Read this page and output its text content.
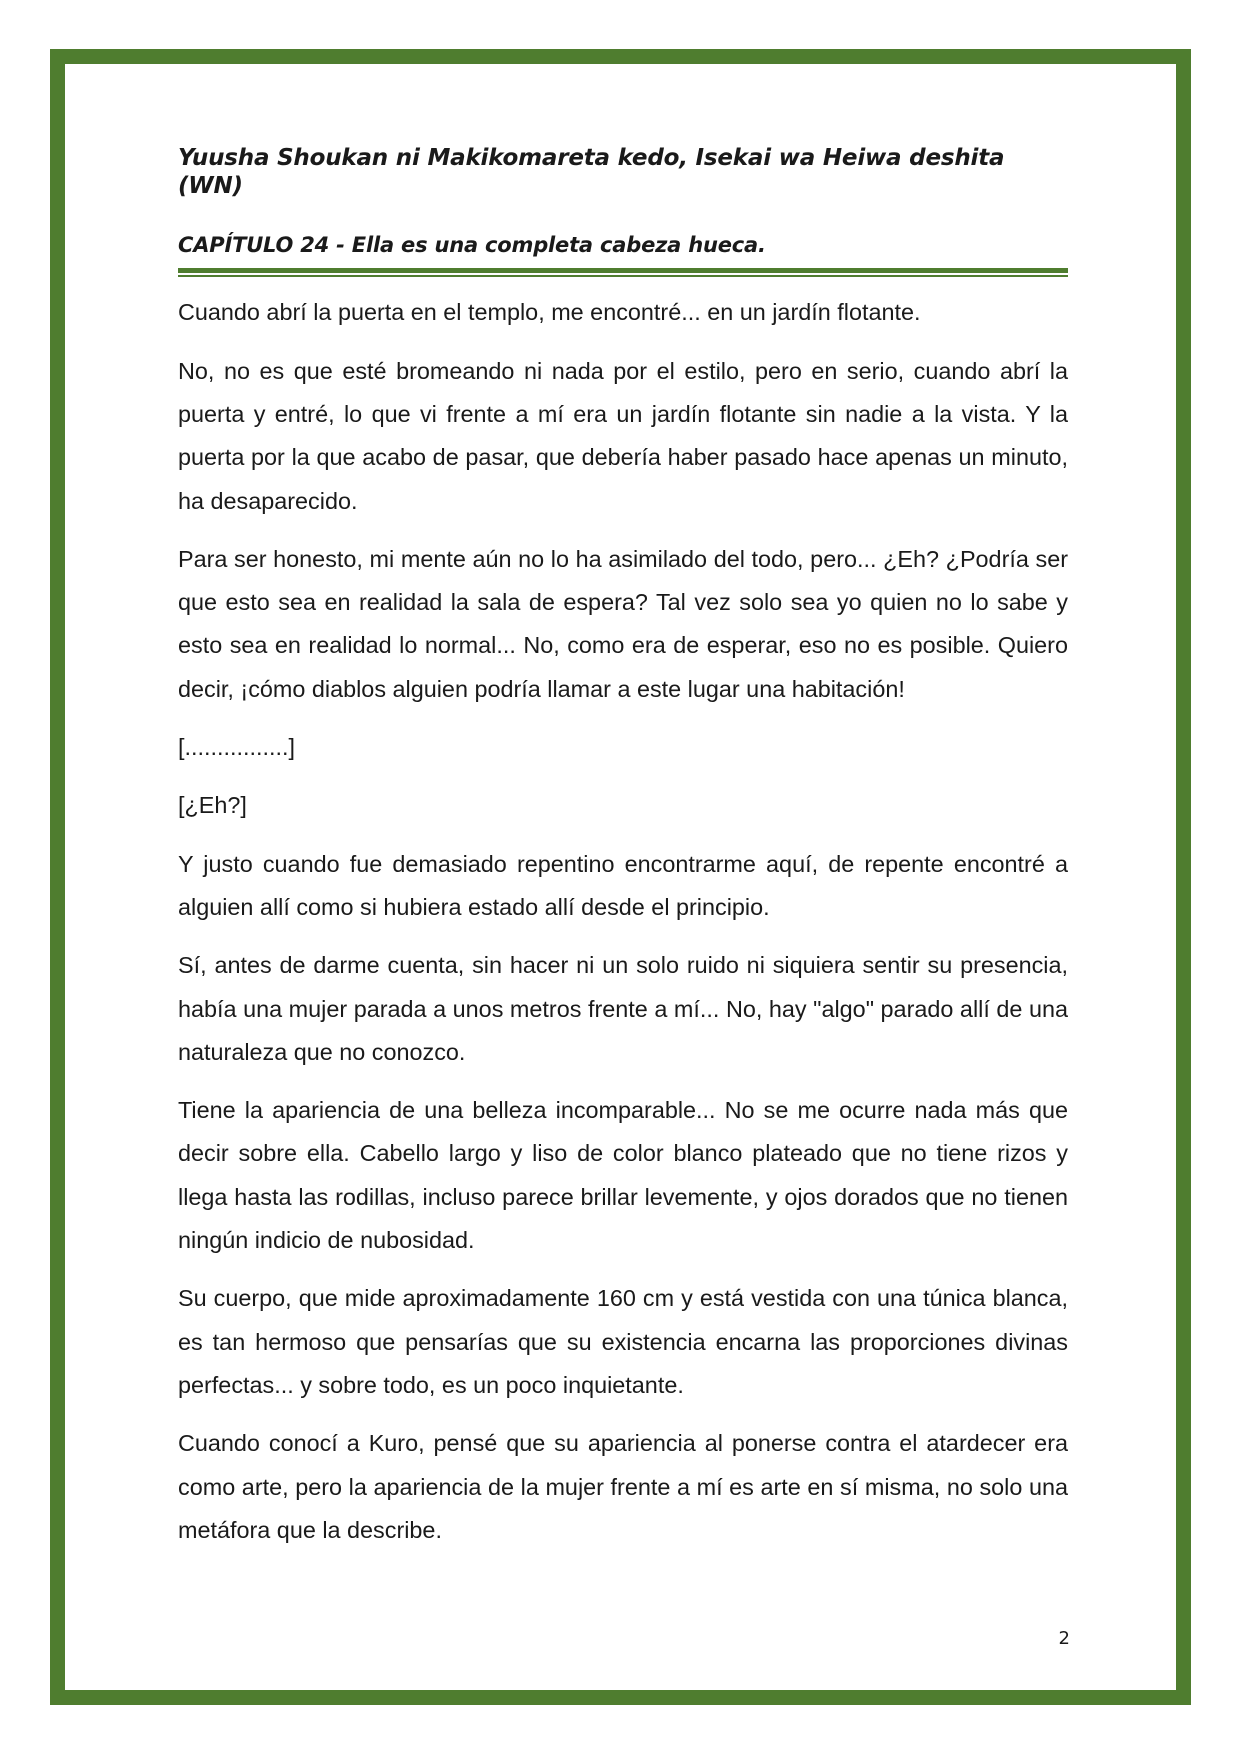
Yuusha Shoukan ni Makikomareta kedo, Isekai wa Heiwa deshita (WN)
CAPÍTULO 24 - Ella es una completa cabeza hueca.

Cuando abrí la puerta en el templo, me encontré... en un jardín flotante.

No, no es que esté bromeando ni nada por el estilo, pero en serio, cuando abrí la puerta y entré, lo que vi frente a mí era un jardín flotante sin nadie a la vista. Y la puerta por la que acabo de pasar, que debería haber pasado hace apenas un minuto, ha desaparecido.

Para ser honesto, mi mente aún no lo ha asimilado del todo, pero... ¿Eh? ¿Podría ser que esto sea en realidad la sala de espera? Tal vez solo sea yo quien no lo sabe y esto sea en realidad lo normal... No, como era de esperar, eso no es posible. Quiero decir, ¡cómo diablos alguien podría llamar a este lugar una habitación!

[................]

[¿Eh?]

Y justo cuando fue demasiado repentino encontrarme aquí, de repente encontré a alguien allí como si hubiera estado allí desde el principio.

Sí, antes de darme cuenta, sin hacer ni un solo ruido ni siquiera sentir su presencia, había una mujer parada a unos metros frente a mí... No, hay "algo" parado allí de una naturaleza que no conozco.

Tiene la apariencia de una belleza incomparable... No se me ocurre nada más que decir sobre ella. Cabello largo y liso de color blanco plateado que no tiene rizos y llega hasta las rodillas, incluso parece brillar levemente, y ojos dorados que no tienen ningún indicio de nubosidad.

Su cuerpo, que mide aproximadamente 160 cm y está vestida con una túnica blanca, es tan hermoso que pensarías que su existencia encarna las proporciones divinas perfectas... y sobre todo, es un poco inquietante.

Cuando conocí a Kuro, pensé que su apariencia al ponerse contra el atardecer era como arte, pero la apariencia de la mujer frente a mí es arte en sí misma, no solo una metáfora que la describe.

2
